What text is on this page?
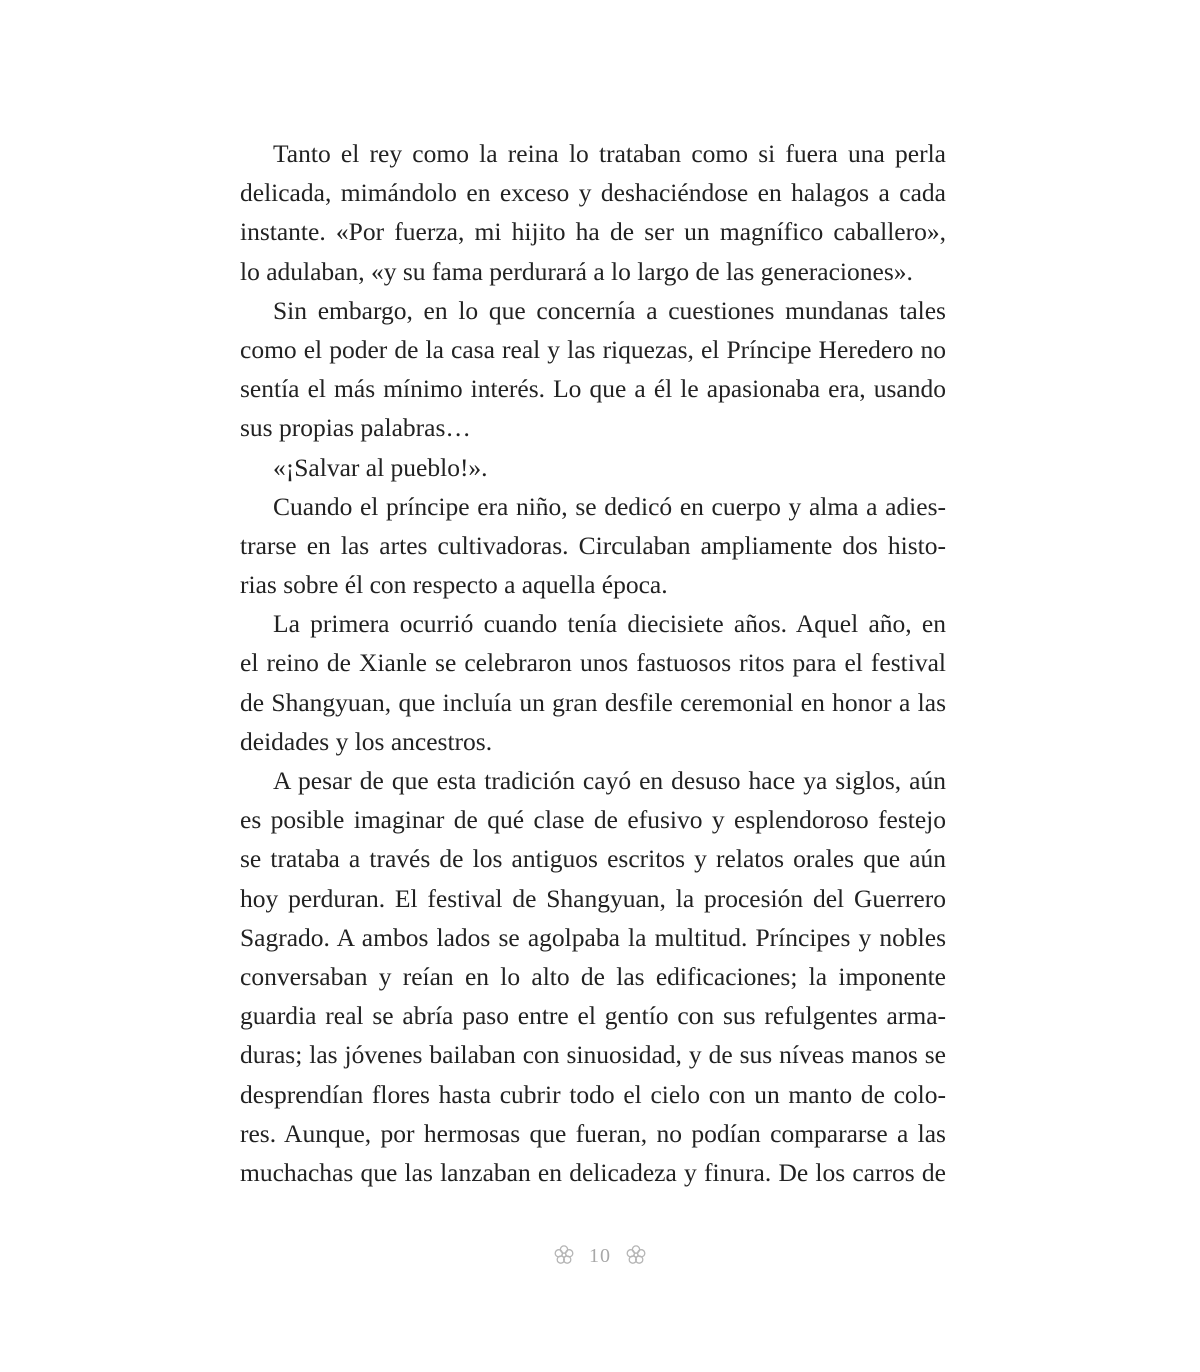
Tanto el rey como la reina lo trataban como si fuera una perla
delicada, mimándolo en exceso y deshaciéndose en halagos a cada
instante. «Por fuerza, mi hijito ha de ser un magnífico caballero»,
lo adulaban, «y su fama perdurará a lo largo de las generaciones».
Sin embargo, en lo que concernía a cuestiones mundanas tales
como el poder de la casa real y las riquezas, el Príncipe Heredero no
sentía el más mínimo interés. Lo que a él le apasionaba era, usando
sus propias palabras…
«¡Salvar al pueblo!».
Cuando el príncipe era niño, se dedicó en cuerpo y alma a adies-
trarse en las artes cultivadoras. Circulaban ampliamente dos histo-
rias sobre él con respecto a aquella época.
La primera ocurrió cuando tenía diecisiete años. Aquel año, en
el reino de Xianle se celebraron unos fastuosos ritos para el festival
de Shangyuan, que incluía un gran desfile ceremonial en honor a las
deidades y los ancestros.
A pesar de que esta tradición cayó en desuso hace ya siglos, aún
es posible imaginar de qué clase de efusivo y esplendoroso festejo
se trataba a través de los antiguos escritos y relatos orales que aún
hoy perduran. El festival de Shangyuan, la procesión del Guerrero
Sagrado. A ambos lados se agolpaba la multitud. Príncipes y nobles
conversaban y reían en lo alto de las edificaciones; la imponente
guardia real se abría paso entre el gentío con sus refulgentes arma-
duras; las jóvenes bailaban con sinuosidad, y de sus níveas manos se
desprendían flores hasta cubrir todo el cielo con un manto de colo-
res. Aunque, por hermosas que fueran, no podían compararse a las
muchachas que las lanzaban en delicadeza y finura. De los carros de
10
